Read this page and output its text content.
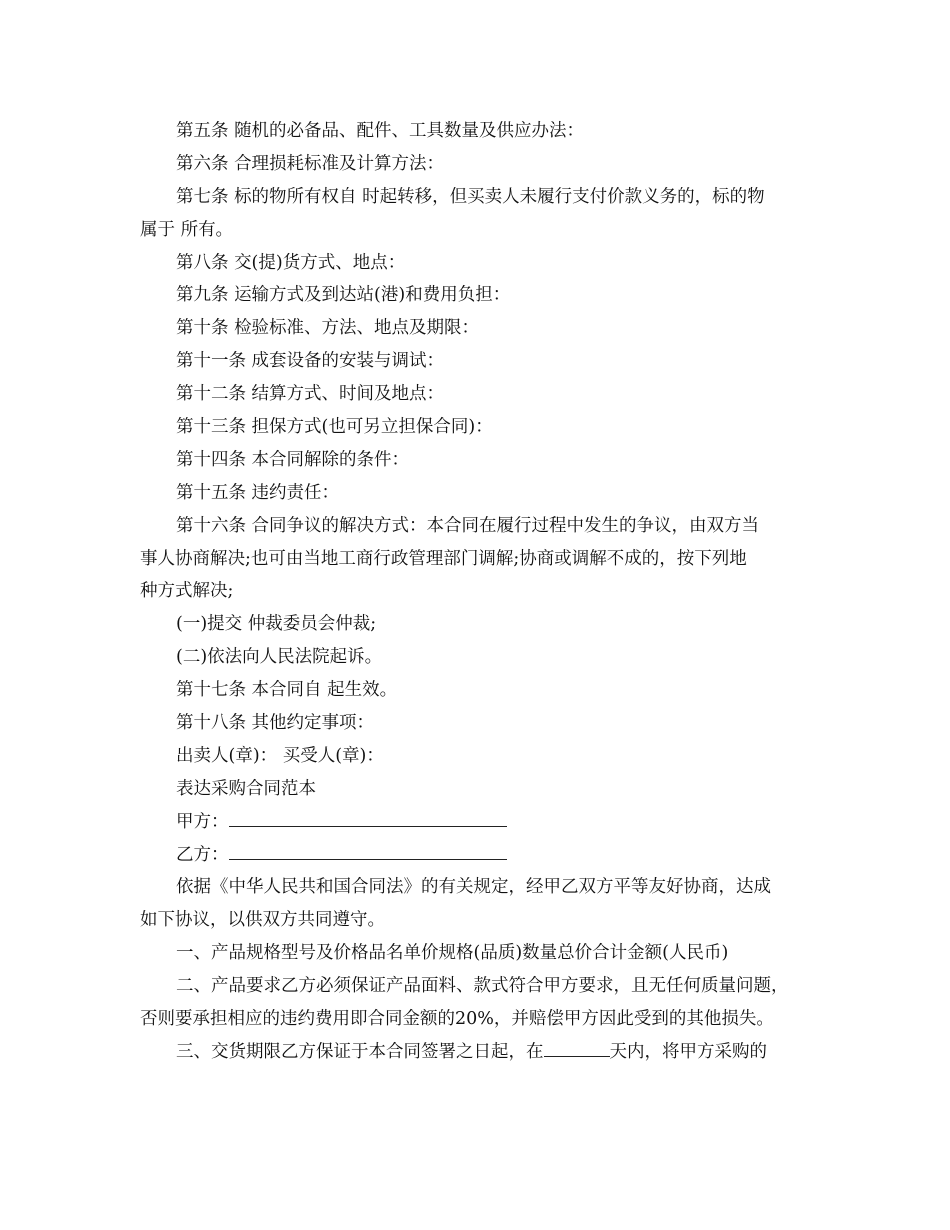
第五条 随机的必备品、配件、工具数量及供应办法：
第六条 合理损耗标准及计算方法：
第七条 标的物所有权自 时起转移，但买卖人未履行支付价款义务的，标的物
属于 所有。
第八条 交(提)货方式、地点：
第九条 运输方式及到达站(港)和费用负担：
第十条 检验标准、方法、地点及期限：
第十一条 成套设备的安装与调试：
第十二条 结算方式、时间及地点：
第十三条 担保方式(也可另立担保合同)：
第十四条 本合同解除的条件：
第十五条 违约责任：
第十六条 合同争议的解决方式：本合同在履行过程中发生的争议，由双方当
事人协商解决;也可由当地工商行政管理部门调解;协商或调解不成的，按下列地
种方式解决;
(一)提交 仲裁委员会仲裁;
(二)依法向人民法院起诉。
第十七条 本合同自 起生效。
第十八条 其他约定事项：
出卖人(章)： 买受人(章)：
表达采购合同范本
甲方：
乙方：
依据《中华人民共和国合同法》的有关规定，经甲乙双方平等友好协商，达成
如下协议，以供双方共同遵守。
一、产品规格型号及价格品名单价规格(品质)数量总价合计金额(人民币)
二、产品要求乙方必须保证产品面料、款式符合甲方要求，且无任何质量问题，
否则要承担相应的违约费用即合同金额的20%，并赔偿甲方因此受到的其他损失。
三、交货期限乙方保证于本合同签署之日起，在	天内，将甲方采购的
